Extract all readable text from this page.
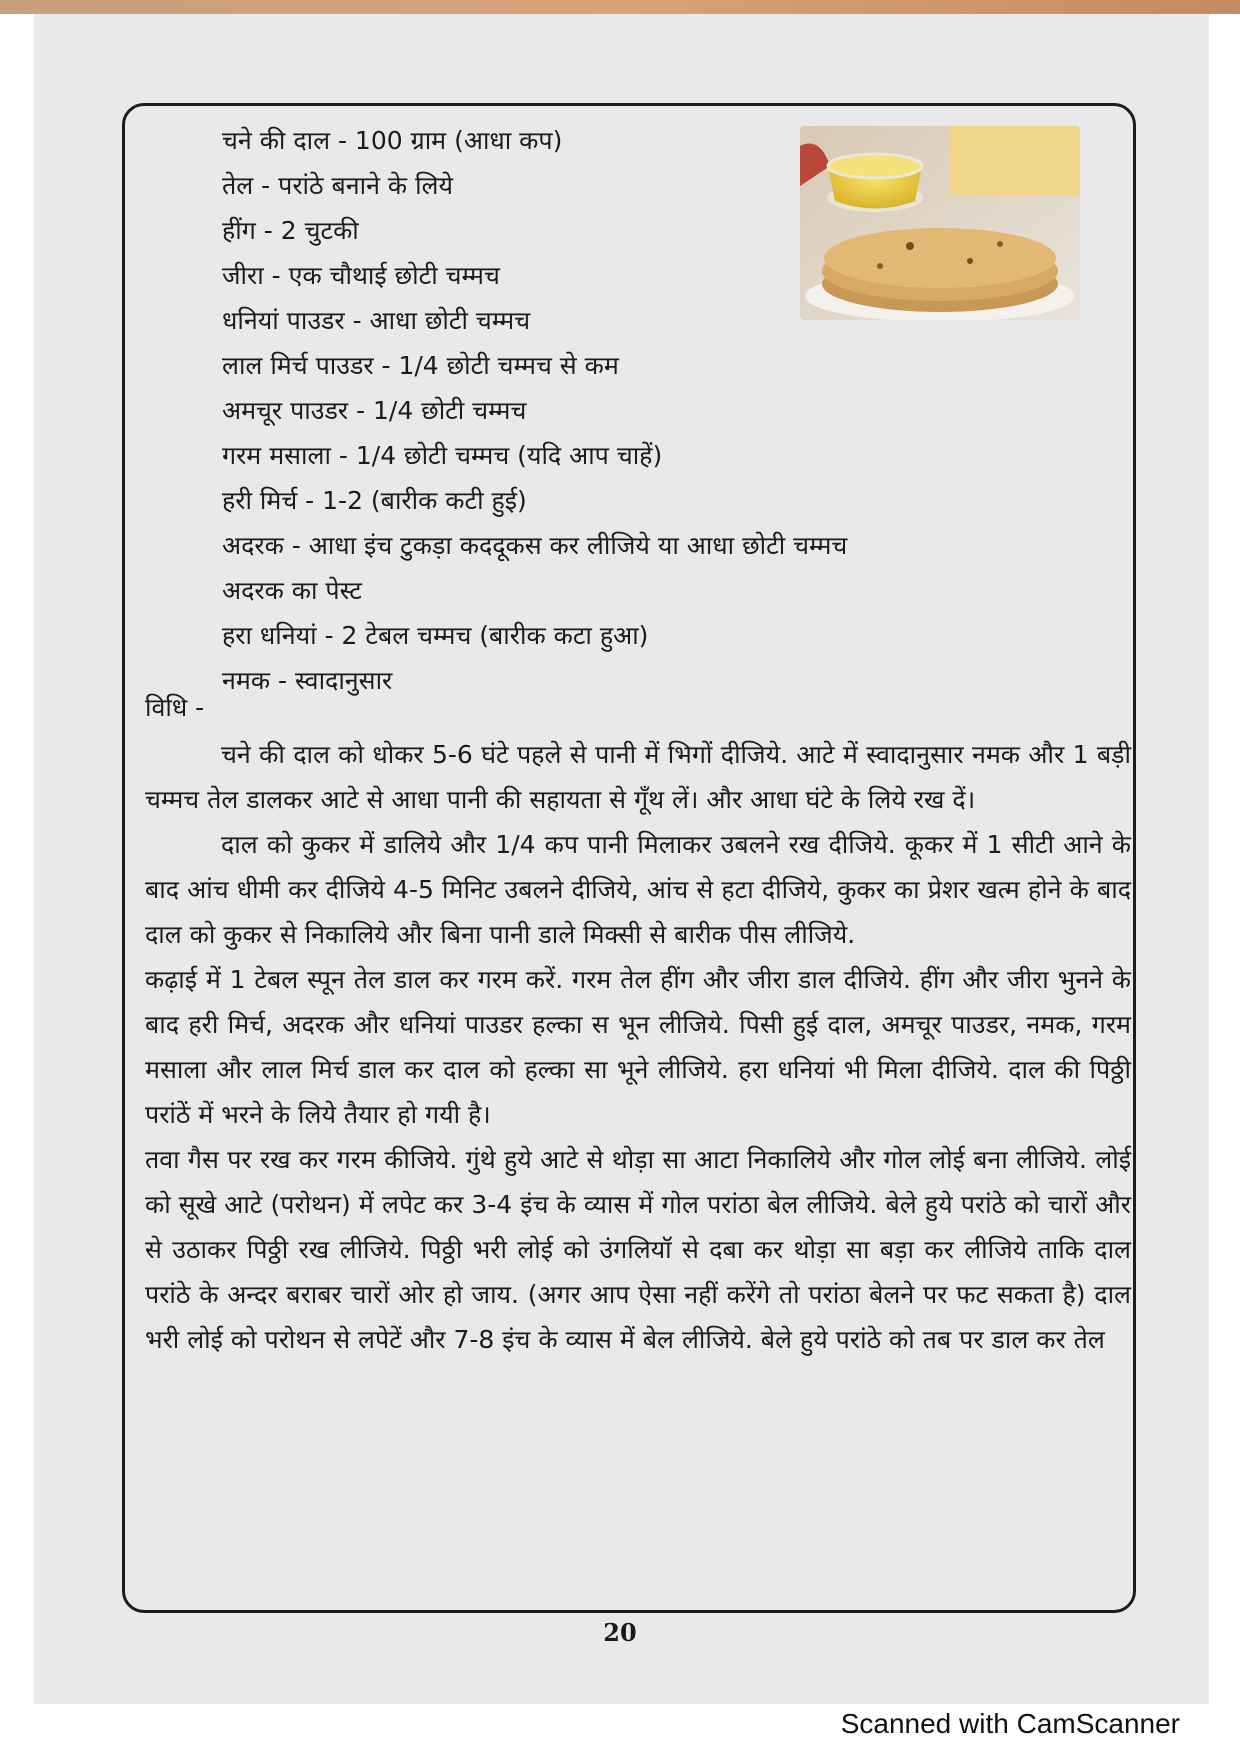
चने की दाल - 100 ग्राम (आधा कप)
तेल - परांठे बनाने के लिये
हींग - 2 चुटकी
जीरा - एक चौथाई छोटी चम्मच
धनियां पाउडर - आधा छोटी चम्मच
लाल मिर्च पाउडर - 1/4 छोटी चम्मच से कम
अमचूर पाउडर - 1/4 छोटी चम्मच
गरम मसाला - 1/4 छोटी चम्मच (यदि आप चाहें)
हरी मिर्च - 1-2 (बारीक कटी हुई)
अदरक - आधा इंच टुकड़ा कददूकस कर लीजिये या आधा छोटी चम्मच
अदरक का पेस्ट
हरा धनियां - 2 टेबल चम्मच (बारीक कटा हुआ)
नमक - स्वादानुसार
विधि -

चने की दाल को धोकर 5-6 घंटे पहले से पानी में भिगों दीजिये. आटे में स्वादानुसार नमक और 1 बड़ी चम्मच तेल डालकर आटे से आधा पानी की सहायता से गूँथ लें। और आधा घंटे के लिये रख दें।

दाल को कुकर में डालिये और 1/4 कप पानी मिलाकर उबलने रख दीजिये. कूकर में 1 सीटी आने के बाद आंच धीमी कर दीजिये 4-5 मिनिट उबलने दीजिये, आंच से हटा दीजिये, कुकर का प्रेशर खत्म होने के बाद दाल को कुकर से निकालिये और बिना पानी डाले मिक्सी से बारीक पीस लीजिये.

कढ़ाई में 1 टेबल स्पून तेल डाल कर गरम करें. गरम तेल हींग और जीरा डाल दीजिये. हींग और जीरा भुनने के बाद हरी मिर्च, अदरक और धनियां पाउडर हल्का स भून लीजिये. पिसी हुई दाल, अमचूर पाउडर, नमक, गरम मसाला और लाल मिर्च डाल कर दाल को हल्का सा भूने लीजिये. हरा धनियां भी मिला दीजिये. दाल की पिठ्ठी परांठें में भरने के लिये तैयार हो गयी है।

तवा गैस पर रख कर गरम कीजिये. गुंथे हुये आटे से थोड़ा सा आटा निकालिये और गोल लोई बना लीजिये. लोई को सूखे आटे (परोथन) में लपेट कर 3-4 इंच के व्यास में गोल परांठा बेल लीजिये. बेले हुये परांठे को चारों और से उठाकर पिठ्ठी रख लीजिये. पिठ्ठी भरी लोई को उंगलियॉ से दबा कर थोड़ा सा बड़ा कर लीजिये ताकि दाल परांठे के अन्दर बराबर चारों ओर हो जाय. (अगर आप ऐसा नहीं करेंगे तो परांठा बेलने पर फट सकता है) दाल भरी लोई को परोथन से लपेटें और 7-8 इंच के व्यास में बेल लीजिये. बेले हुये परांठे को तब पर डाल कर तेल

20
Scanned with CamScanner
